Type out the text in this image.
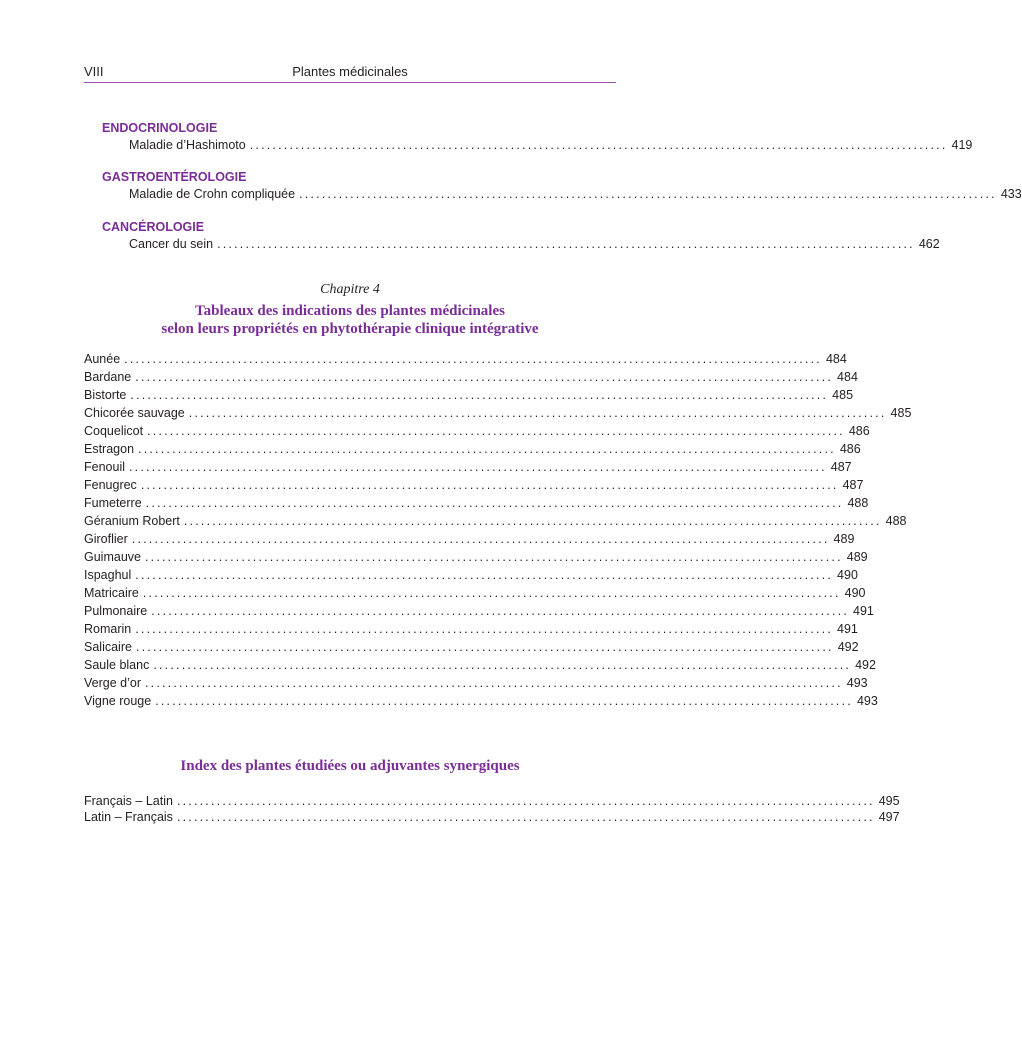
VIII	Plantes médicinales
ENDOCRINOLOGIE
Maladie d’Hashimoto ........................................................................................................................... 419
GASTROENTÉROLOGIE
Maladie de Crohn compliquée ........................................................................................................................... 433
CANCÉROLOGIE
Cancer du sein ........................................................................................................................... 462
Chapitre 4
Tableaux des indications des plantes médicinales
selon leurs propriétés en phytothérapie clinique intégrative
Aunée ........................................................................................................................... 484
Bardane ........................................................................................................................... 484
Bistorte ........................................................................................................................... 485
Chicorée sauvage ........................................................................................................................... 485
Coquelicot ........................................................................................................................... 486
Estragon ........................................................................................................................... 486
Fenouil ........................................................................................................................... 487
Fenugrec ........................................................................................................................... 487
Fumeterre ........................................................................................................................... 488
Géranium Robert ........................................................................................................................... 488
Giroflier ........................................................................................................................... 489
Guimauve ........................................................................................................................... 489
Ispaghul ........................................................................................................................... 490
Matricaire ........................................................................................................................... 490
Pulmonaire ........................................................................................................................... 491
Romarin ........................................................................................................................... 491
Salicaire ........................................................................................................................... 492
Saule blanc ........................................................................................................................... 492
Verge d’or ........................................................................................................................... 493
Vigne rouge ........................................................................................................................... 493
Index des plantes étudiées ou adjuvantes synergiques
Français – Latin ........................................................................................................................... 495
Latin – Français ........................................................................................................................... 497
